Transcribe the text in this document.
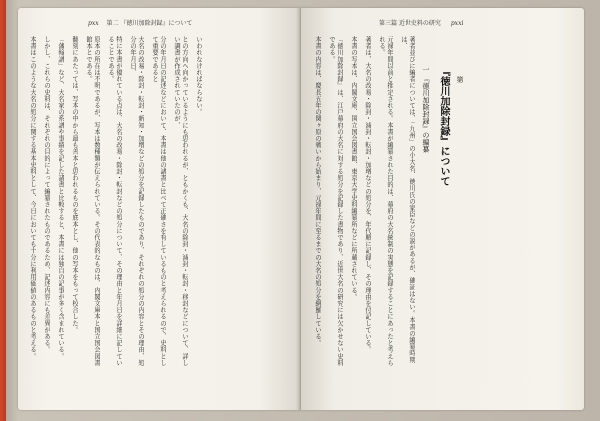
pxx 第二 『徳川加除封録』について
いわれなければならない。
との方向へ向かっているようにも思われるが、ともかくも、大名の除封・減封・転封・移封などについて、詳しい調書が作成されていたのが、
分の年月日の記述などにおいて、本書は他の諸書と比べて正確さを有しているものと考えられるので、史料として重要であると
大名の改易・除封・転封・新知・加増などの処分を記録したものであり、それぞれの処分の内容とその理由、処分の年月日、
特に本書が優れている点は、大名の改易・除封・転封などの処分について、その理由と年月日を詳細に記していることである。
原本の所在は不明であるが、写本は数種類が伝えられている。その代表的なものは、内閣文庫本と国立国会図書館本とである。
翻刻にあたっては、写本の中から最も善本と思われるものを底本とし、他の写本をもって校合した。
「藩翰譜」など、大名家の系譜や事績を記した諸書と比較すると、本書には独自の記事が多く含まれている。
しかし、これらの史料は、それぞれの目的によって編纂されたものであるため、記述内容にも差異がある。
本書はこのような大名の処分に関する基本史料として、今日においても十分に利用価値のあるものと考える。
第三篇 近世史料の研究 pxxi
第
『徳川加除封録』について
一 『徳川加除封録』の編纂
著者並びに編者については、「九州」の小大名、徳川氏の家臣などの説があるが、確証はない。本書の編纂時期は、
元禄年間以前と推定される。本書が編纂された目的は、幕府の大名統制の実態を記録することにあったと考えられる。
著者は、大名の改易・除封・減封・転封・加増などの処分を、年代順に記録し、その理由を付記している。
本書の写本は、内閣文庫、国立国会図書館、東京大学史料編纂所などに所蔵されている。
『徳川加除封録』は、江戸幕府の大名に対する処分を記録した書物であり、近世大名の研究には欠かせない史料である。
本書の内容は、慶長五年の関ヶ原の戦いから始まり、元禄年間に至るまでの大名の処分を網羅している。
